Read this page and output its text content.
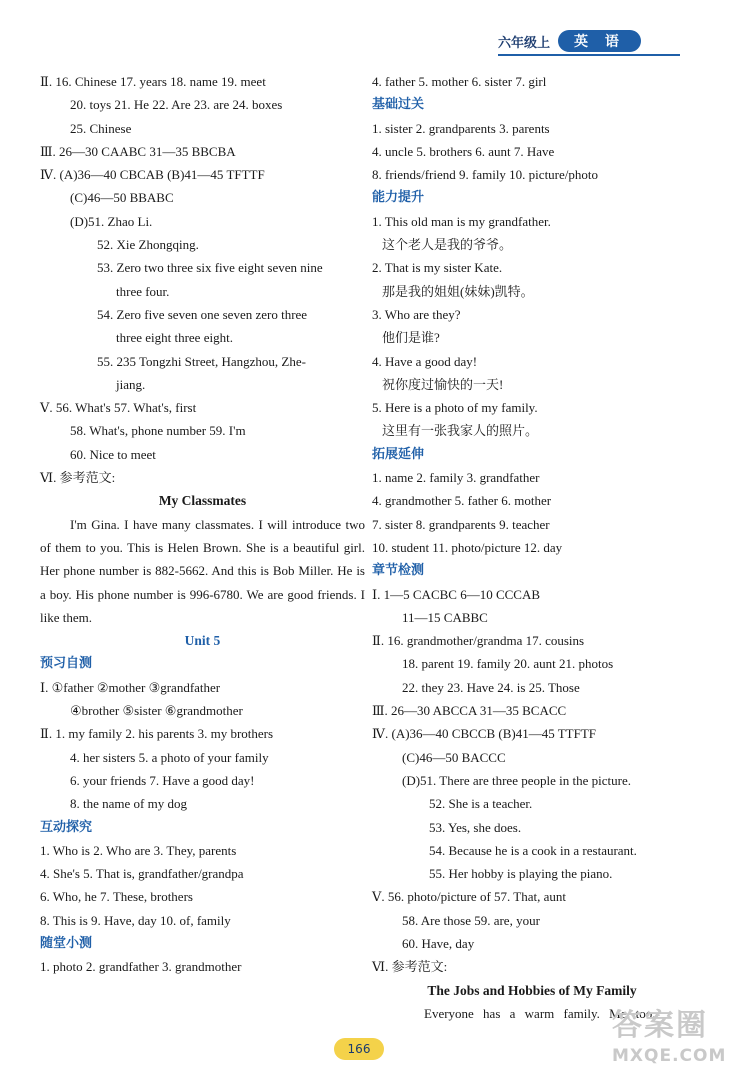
六年级上	英 语
Ⅱ. 16. Chinese 17. years 18. name 19. meet
20. toys 21. He 22. Are 23. are 24. boxes
25. Chinese
Ⅲ. 26—30 CAABC 31—35 BBCBA
Ⅳ. (A)36—40 CBCAB (B)41—45 TFTTF
(C)46—50 BBABC
(D)51. Zhao Li.
52. Xie Zhongqing.
53. Zero two three six five eight seven nine
three four.
54. Zero five seven one seven zero three
three eight three eight.
55. 235 Tongzhi Street, Hangzhou, Zhe-
jiang.
Ⅴ. 56. What's 57. What's, first
58. What's, phone number 59. I'm
60. Nice to meet
Ⅵ. 参考范文:
My Classmates
I'm Gina. I have many classmates. I will introduce two of them to you. This is Helen Brown. She is a beautiful girl. Her phone number is 882-5662. And this is Bob Miller. He is a boy. His phone number is 996-6780. We are good friends. I like them.
Unit 5
预习自测
Ⅰ. ①father ②mother ③grandfather
④brother ⑤sister ⑥grandmother
Ⅱ. 1. my family 2. his parents 3. my brothers
4. her sisters 5. a photo of your family
6. your friends 7. Have a good day!
8. the name of my dog
互动探究
1. Who is 2. Who are 3. They, parents
4. She's 5. That is, grandfather/grandpa
6. Who, he 7. These, brothers
8. This is 9. Have, day 10. of, family
随堂小测
1. photo 2. grandfather 3. grandmother
4. father 5. mother 6. sister 7. girl
基础过关
1. sister 2. grandparents 3. parents
4. uncle 5. brothers 6. aunt 7. Have
8. friends/friend 9. family 10. picture/photo
能力提升
1. This old man is my grandfather.
这个老人是我的爷爷。
2. That is my sister Kate.
那是我的姐姐(妹妹)凯特。
3. Who are they?
他们是谁?
4. Have a good day!
祝你度过愉快的一天!
5. Here is a photo of my family.
这里有一张我家人的照片。
拓展延伸
1. name 2. family 3. grandfather
4. grandmother 5. father 6. mother
7. sister 8. grandparents 9. teacher
10. student 11. photo/picture 12. day
章节检测
Ⅰ. 1—5 CACBC 6—10 CCCAB
11—15 CABBC
Ⅱ. 16. grandmother/grandma 17. cousins
18. parent 19. family 20. aunt 21. photos
22. they 23. Have 24. is 25. Those
Ⅲ. 26—30 ABCCA 31—35 BCACC
Ⅳ. (A)36—40 CBCCB (B)41—45 TTFTF
(C)46—50 BACCC
(D)51. There are three people in the picture.
52. She is a teacher.
53. Yes, she does.
54. Because he is a cook in a restaurant.
55. Her hobby is playing the piano.
Ⅴ. 56. photo/picture of 57. That, aunt
58. Are those 59. are, your
60. Have, day
Ⅵ. 参考范文:
The Jobs and Hobbies of My Family
Everyone has a warm family. Me too.
166
答案圈
MXQE.COM
